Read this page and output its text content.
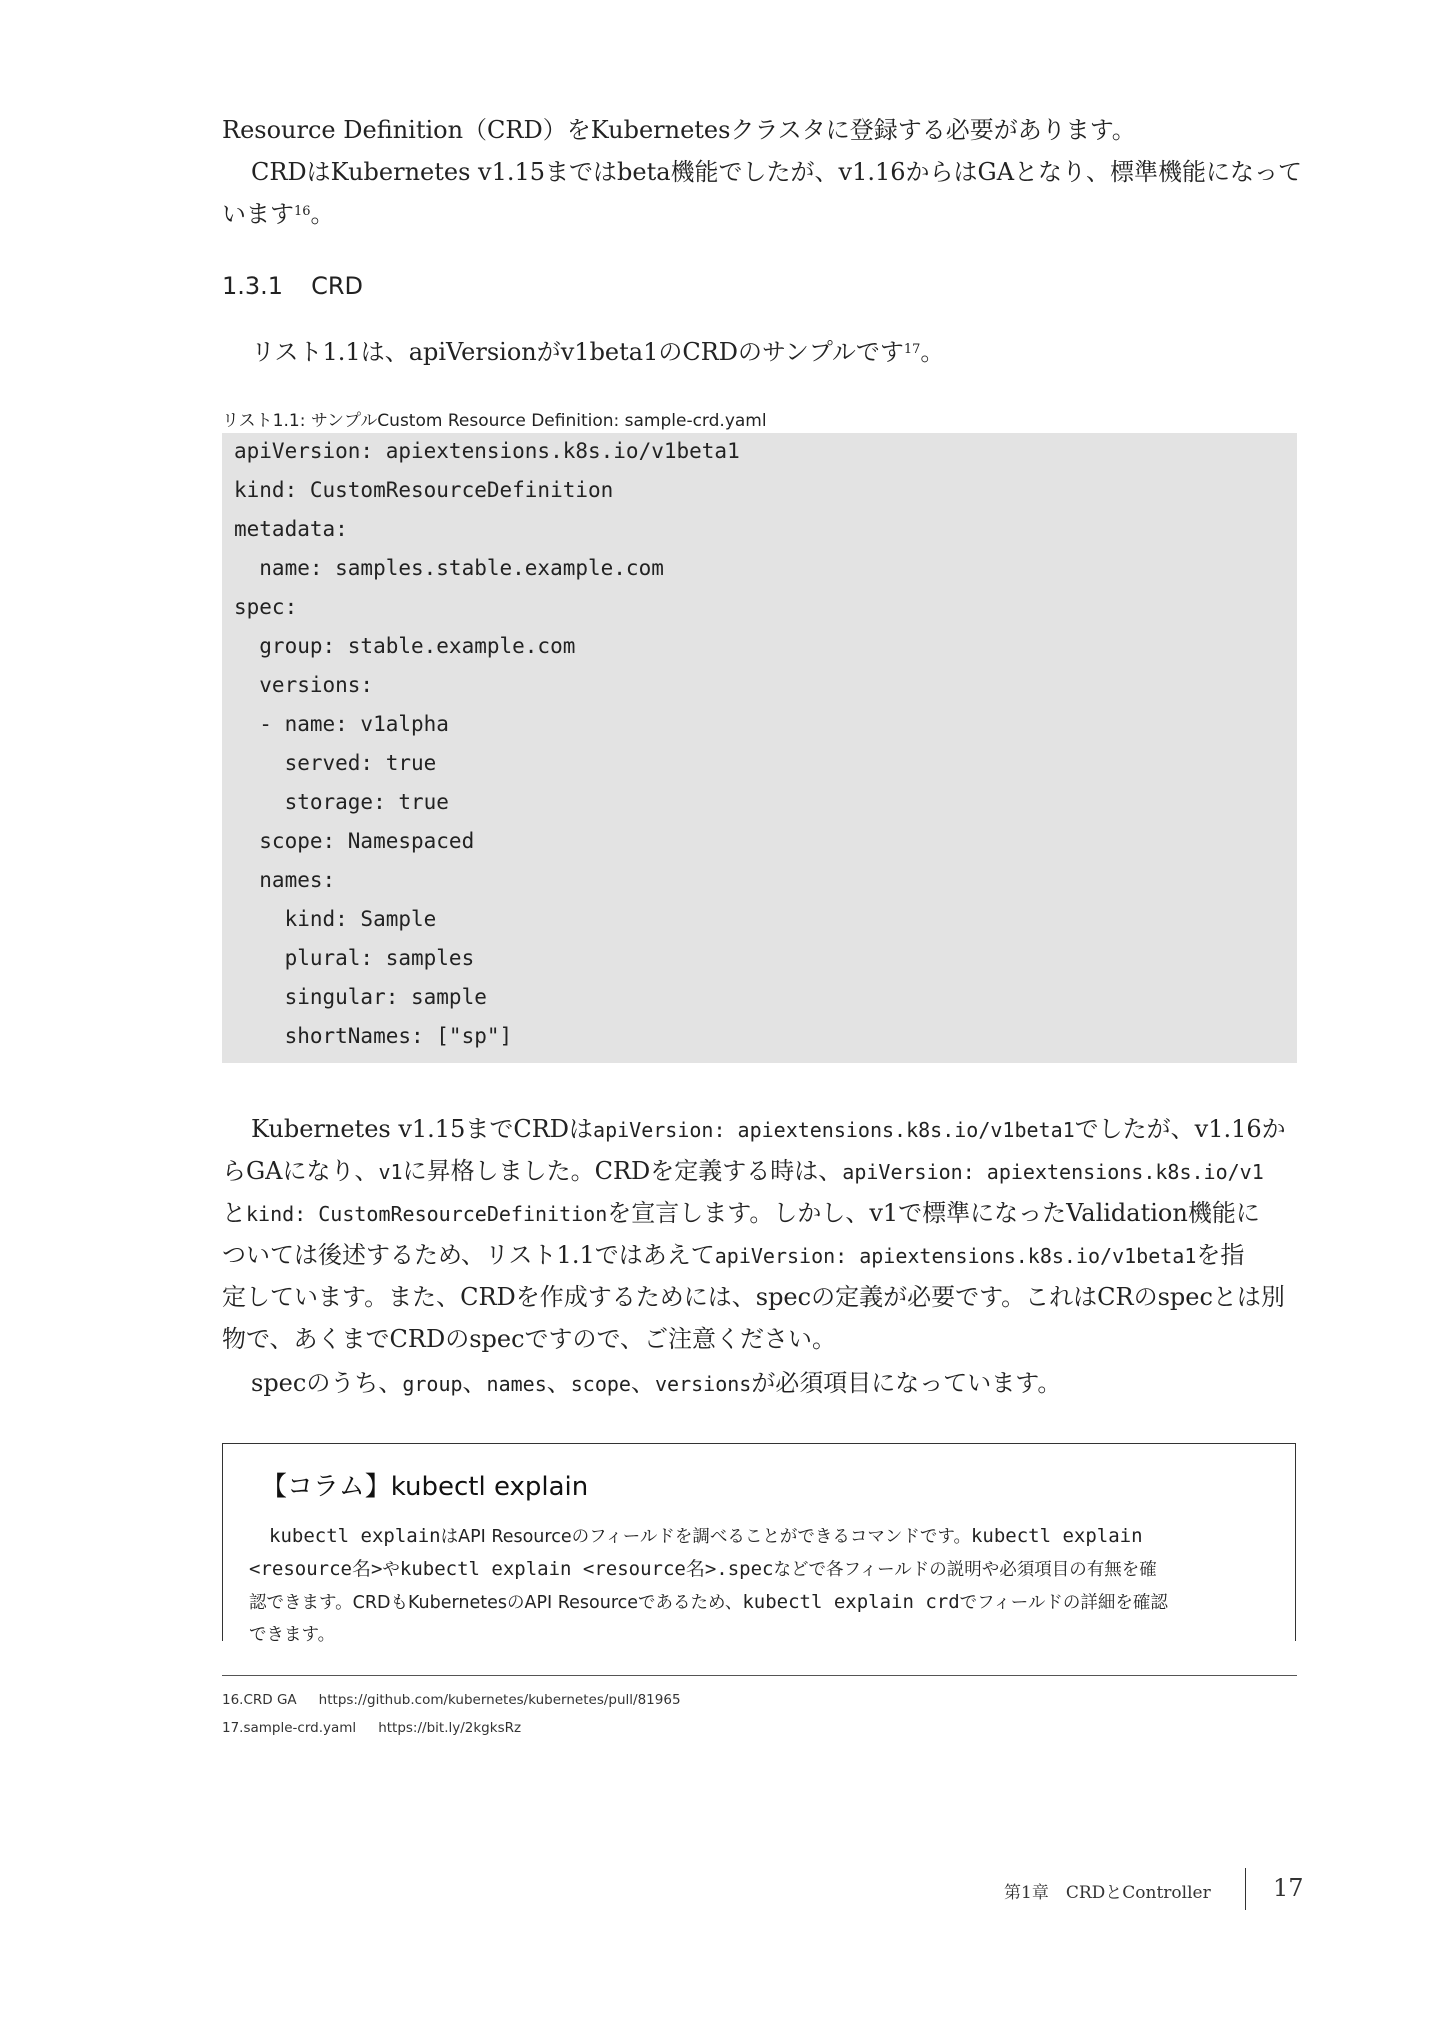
Resource Definition（CRD）をKubernetesクラスタに登録する必要があります。

CRDはKubernetes v1.15まではbeta機能でしたが、v1.16からはGAとなり、標準機能になって

います$^{16}$。

1.3.1 CRD

リスト1.1は、apiVersionがv1beta1のCRDのサンプルです$^{17}$。

リスト1.1: サンプルCustom Resource Definition: sample-crd.yaml
apiVersion: apiextensions.k8s.io/v1beta1
kind: CustomResourceDefinition
metadata:
name: samples.stable.example.com
spec:
group: stable.example.com
versions:
- name: v1alpha
served: true
storage: true
scope: Namespaced
names:
kind: Sample
plural: samples
singular: sample
shortNames: ["sp"]

Kubernetes v1.15までCRDはapiVersion: apiextensions.k8s.io/v1beta1でしたが、v1.16か

らGAになり、v1に昇格しました。CRDを定義する時は、apiVersion: apiextensions.k8s.io/v1

とkind: CustomResourceDefinitionを宣言します。しかし、v1で標準になったValidation機能に

ついては後述するため、リスト1.1ではあえてapiVersion: apiextensions.k8s.io/v1beta1を指

定しています。また、CRDを作成するためには、specの定義が必要です。これはCRのspecとは別

物で、あくまでCRDのspecですので、ご注意ください。

specのうち、group、names、scope、versionsが必須項目になっています。

【コラム】kubectl explain
kubectl explainはAPI Resourceのフィールドを調べることができるコマンドです。kubectl explain
<resource名>やkubectl explain <resource名>.specなどで各フィールドの説明や必須項目の有無を確
認できます。CRDもKubernetesのAPI Resourceであるため、kubectl explain crdでフィールドの詳細を確認
できます。
16.CRD GA https://github.com/kubernetes/kubernetes/pull/81965
17.sample-crd.yaml https://bit.ly/2kgksRz
第1章　CRDとController	17
